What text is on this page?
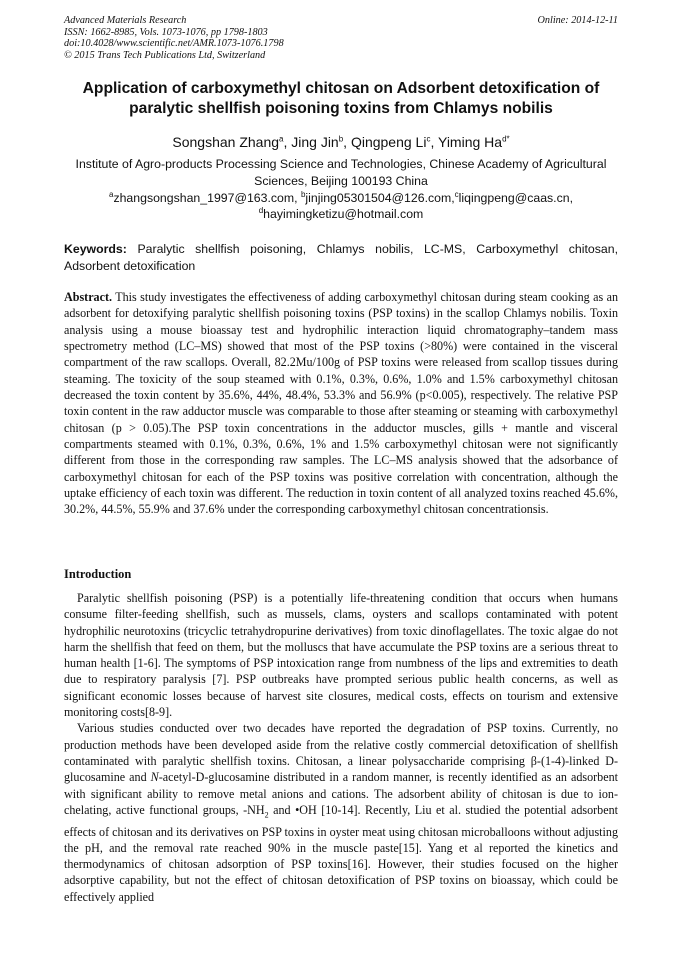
Advanced Materials Research
ISSN: 1662-8985, Vols. 1073-1076, pp 1798-1803
doi:10.4028/www.scientific.net/AMR.1073-1076.1798
© 2015 Trans Tech Publications Ltd, Switzerland
Online: 2014-12-11
Application of carboxymethyl chitosan on Adsorbent detoxification of paralytic shellfish poisoning toxins from Chlamys nobilis
Songshan Zhang$^a$, Jing Jin$^b$, Qingpeng Li$^c$, Yiming $Ha^{d*}$
Institute of Agro-products Processing Science and Technologies, Chinese Academy of Agricultural Sciences, Beijing 100193 China
$^a$zhangsongshan_1997@163.com, $^b$jinjing05301504@126.com,$^c$liqingpeng@caas.cn,
$^d$hayimingketizu@hotmail.com
Keywords: Paralytic shellfish poisoning, Chlamys nobilis, LC-MS, Carboxymethyl chitosan, Adsorbent detoxification
Abstract. This study investigates the effectiveness of adding carboxymethyl chitosan during steam cooking as an adsorbent for detoxifying paralytic shellfish poisoning toxins (PSP toxins) in the scallop Chlamys nobilis. Toxin analysis using a mouse bioassay test and hydrophilic interaction liquid chromatography–tandem mass spectrometry method (LC–MS) showed that most of the PSP toxins (>80%) were contained in the visceral compartment of the raw scallops. Overall, 82.2Mu/100g of PSP toxins were released from scallop tissues during steaming. The toxicity of the soup steamed with 0.1%, 0.3%, 0.6%, 1.0% and 1.5% carboxymethyl chitosan decreased the toxin content by 35.6%, 44%, 48.4%, 53.3% and 56.9% (p<0.005), respectively. The relative PSP toxin content in the raw adductor muscle was comparable to those after steaming or steaming with carboxymethyl chitosan (p > 0.05).The PSP toxin concentrations in the adductor muscles, gills + mantle and visceral compartments steamed with 0.1%, 0.3%, 0.6%, 1% and 1.5% carboxymethyl chitosan were not significantly different from those in the corresponding raw samples. The LC–MS analysis showed that the adsorbance of carboxymethyl chitosan for each of the PSP toxins was positive correlation with concentration, although the uptake efficiency of each toxin was different. The reduction in toxin content of all analyzed toxins reached 45.6%, 30.2%, 44.5%, 55.9% and 37.6% under the corresponding carboxymethyl chitosan concentrationsis.
Introduction

Paralytic shellfish poisoning (PSP) is a potentially life-threatening condition that occurs when humans consume filter-feeding shellfish, such as mussels, clams, oysters and scallops contaminated with potent hydrophilic neurotoxins (tricyclic tetrahydropurine derivatives) from toxic dinoflagellates. The toxic algae do not harm the shellfish that feed on them, but the molluscs that have accumulate the PSP toxins are a serious threat to human health [1-6]. The symptoms of PSP intoxication range from numbness of the lips and extremities to death due to respiratory paralysis [7]. PSP outbreaks have prompted serious public health concerns, as well as significant economic losses because of harvest site closures, medical costs, effects on tourism and extensive monitoring costs[8-9].

Various studies conducted over two decades have reported the degradation of PSP toxins. Currently, no production methods have been developed aside from the relative costly commercial detoxification of shellfish contaminated with paralytic shellfish toxins. Chitosan, a linear polysaccharide comprising β-(1-4)-linked D-glucosamine and N-acetyl-D-glucosamine distributed in a random manner, is recently identified as an adsorbent with significant ability to remove metal anions and cations. The adsorbent ability of chitosan is due to ion-chelating, active functional groups, $-NH_2$ and •OH [10-14]. Recently, Liu et al. studied the potential adsorbent effects of chitosan and its derivatives on PSP toxins in oyster meat using chitosan microballoons without adjusting the pH, and the removal rate reached 90% in the muscle paste[15]. Yang et al reported the kinetics and thermodynamics of chitosan adsorption of PSP toxins[16]. However, their studies focused on the higher adsorptive capability, but not the effect of chitosan detoxification of PSP toxins on bioassay, which could be effectively applied
